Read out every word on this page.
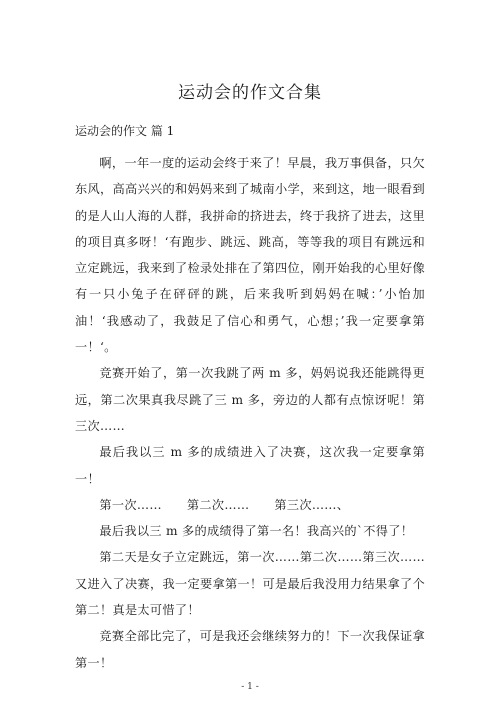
运动会的作文合集
运动会的作文 篇 1

啊，一年一度的运动会终于来了！早晨，我万事俱备，只欠东风，高高兴兴的和妈妈来到了城南小学，来到这，地一眼看到的是人山人海的人群，我拼命的挤进去，终于我挤了进去，这里的项目真多呀！‘有跑步、跳远、跳高，等等我的项目有跳远和立定跳远，我来到了检录处排在了第四位，刚开始我的心里好像有一只小兔子在砰砰的跳，后来我听到妈妈在喊：’小怡加油！‘我感动了，我鼓足了信心和勇气，心想；’我一定要拿第一！‘。

竞赛开始了，第一次我跳了两 m 多，妈妈说我还能跳得更远，第二次果真我尽跳了三 m 多，旁边的人都有点惊讶呢！第三次……

最后我以三 m 多的成绩进入了决赛，这次我一定要拿第一！

第一次……      第二次……      第三次……、

最后我以三 m 多的成绩得了第一名！我高兴的`不得了！

第二天是女子立定跳远，第一次……第二次……第三次……又进入了决赛，我一定要拿第一！可是最后我没用力结果拿了个第二！真是太可惜了！

竞赛全部比完了，可是我还会继续努力的！下一次我保证拿第一！

- 1 -
